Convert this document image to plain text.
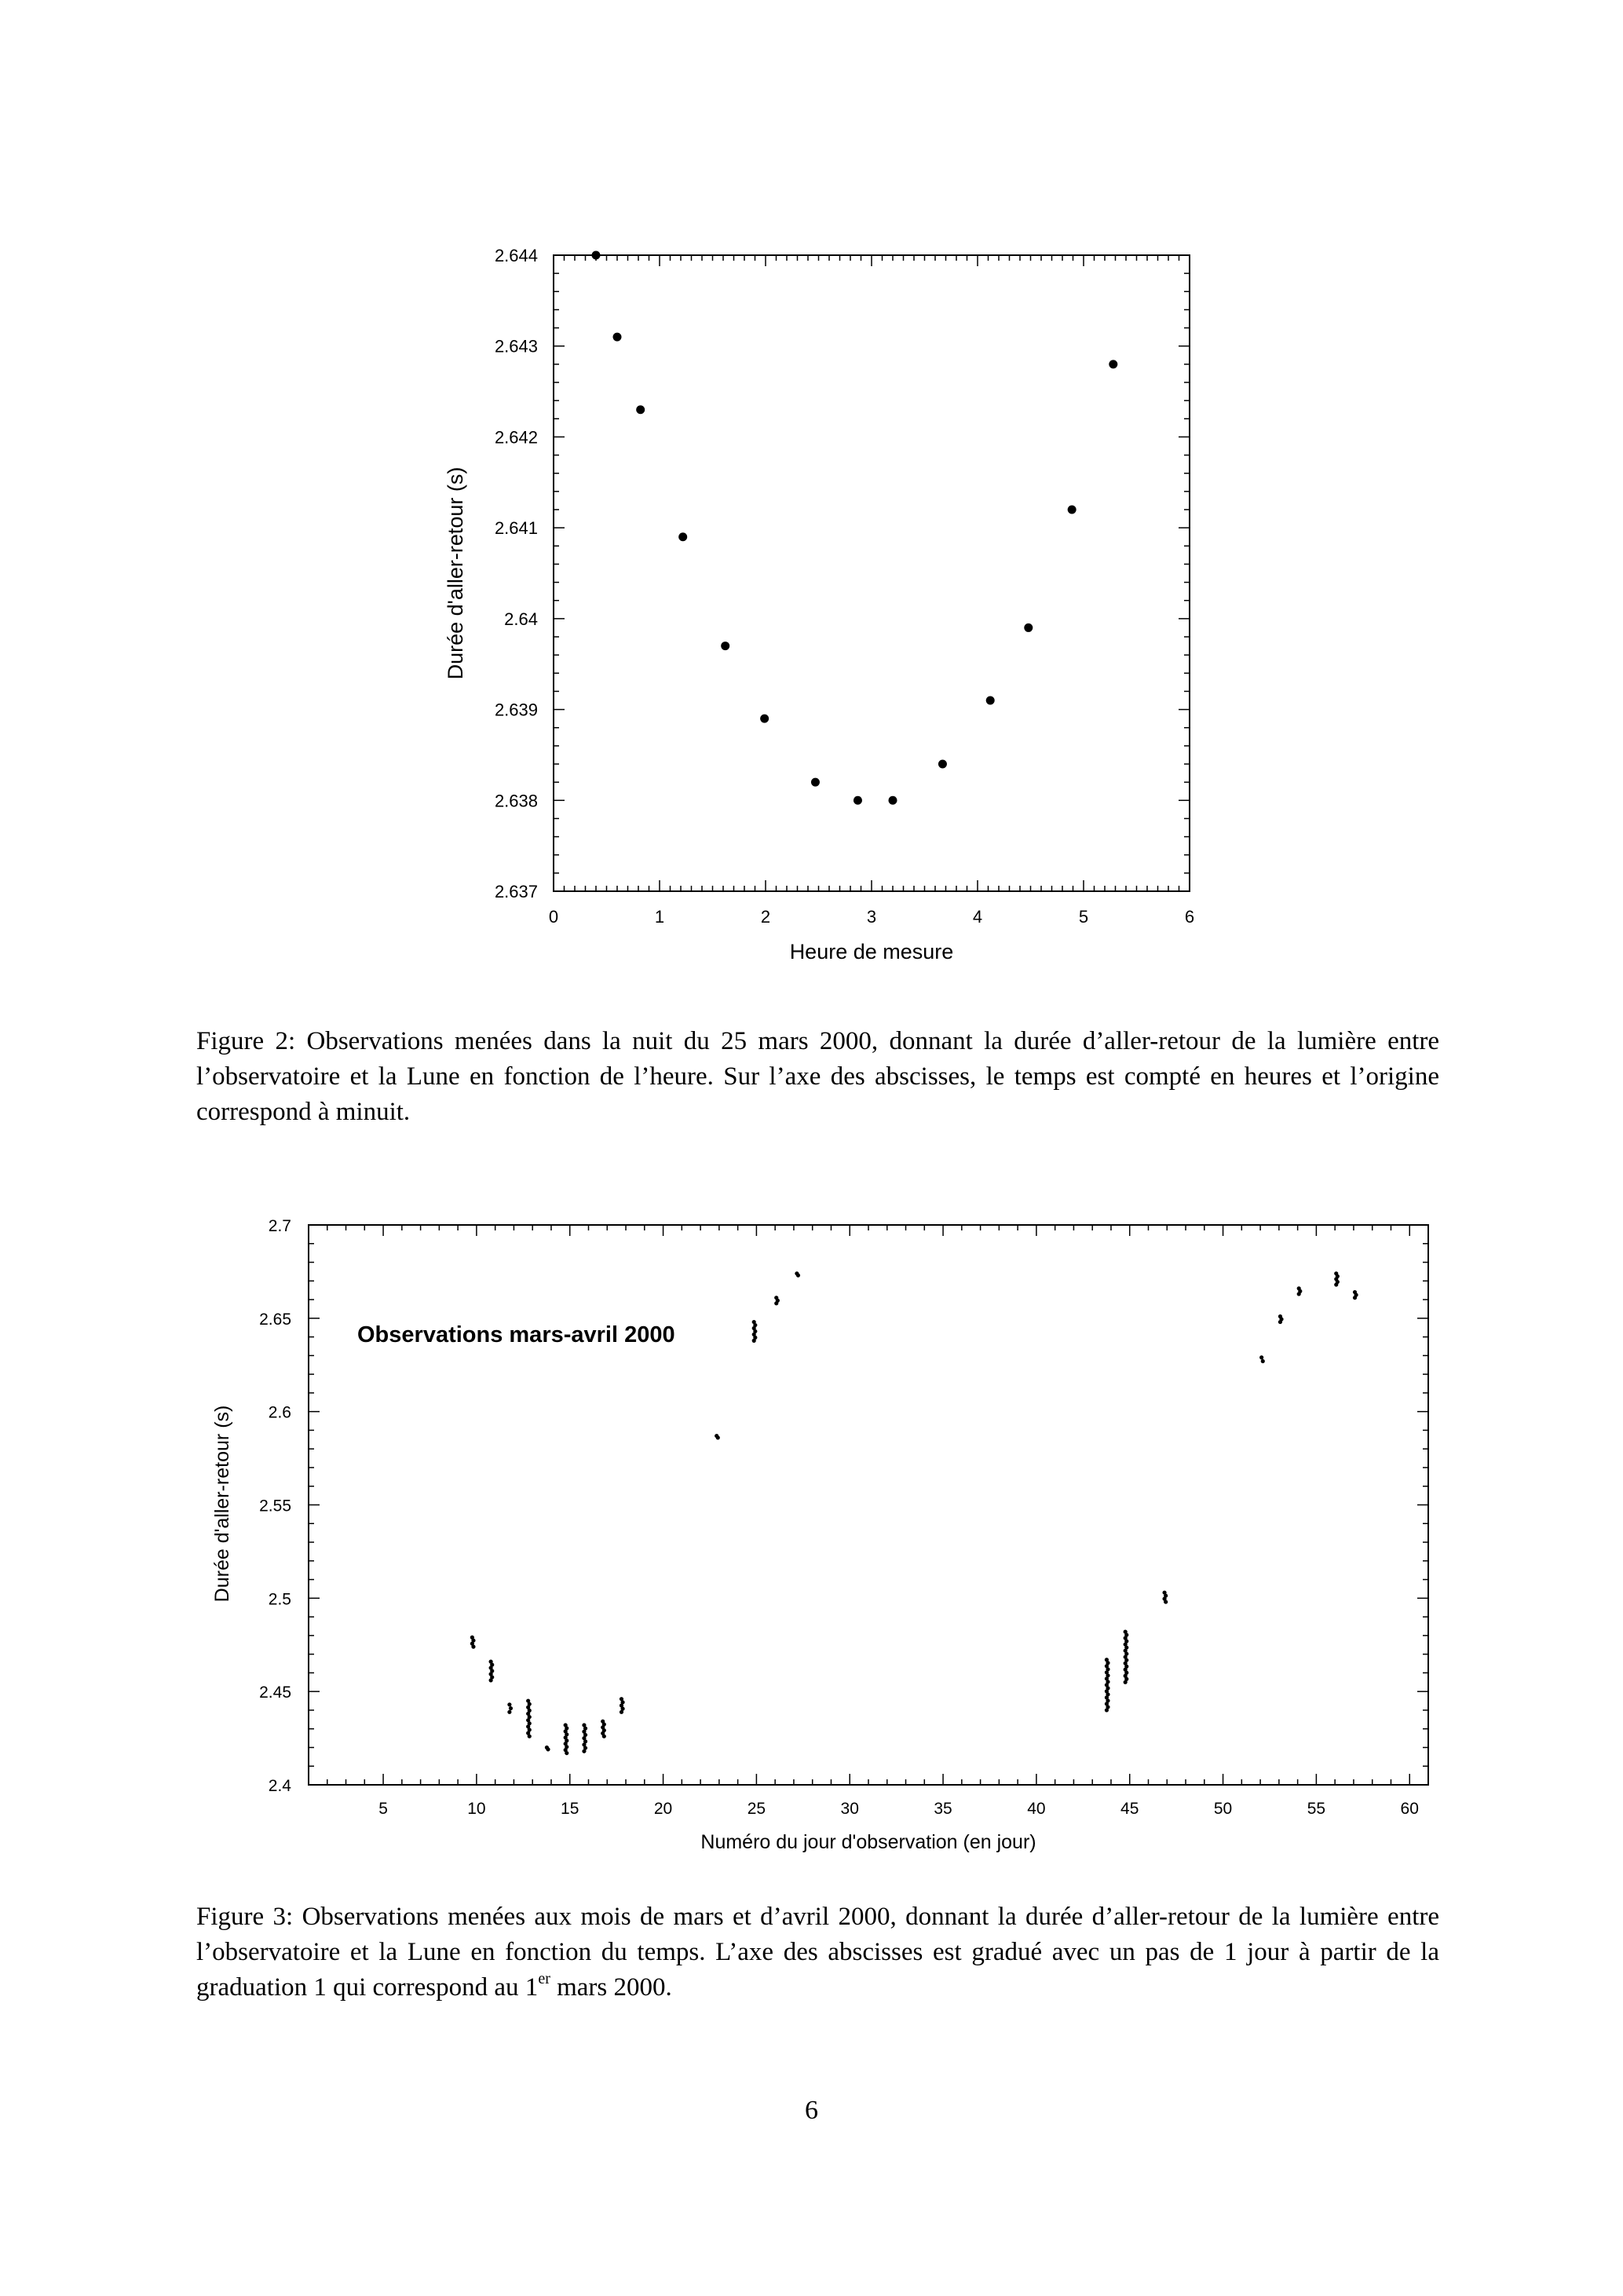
0	1	2	3	4	5	6
2.637
2.638
2.639
2.64
2.641
2.642
2.643
2.644
Heure de mesure
Durée d'aller-retour (s)
Figure 2: Observations menées dans la nuit du 25 mars 2000, donnant la durée d’aller-retour de la lumière entre l’observatoire et la Lune en fonction de l’heure. Sur l’axe des abscisses, le temps est compté en heures et l’origine correspond à minuit.
5	10	15	20	25	30	35	40	45	50	55	60
2.4
2.45
2.5
2.55
2.6
2.65
2.7
Observations mars-avril 2000
Numéro du jour d'observation (en jour)
Durée d'aller-retour (s)
Figure 3: Observations menées aux mois de mars et d’avril 2000, donnant la durée d’aller-retour de la lumière entre l’observatoire et la Lune en fonction du temps. L’axe des abscisses est gradué avec un pas de 1 jour à partir de la graduation 1 qui correspond au 1er mars 2000.
6
